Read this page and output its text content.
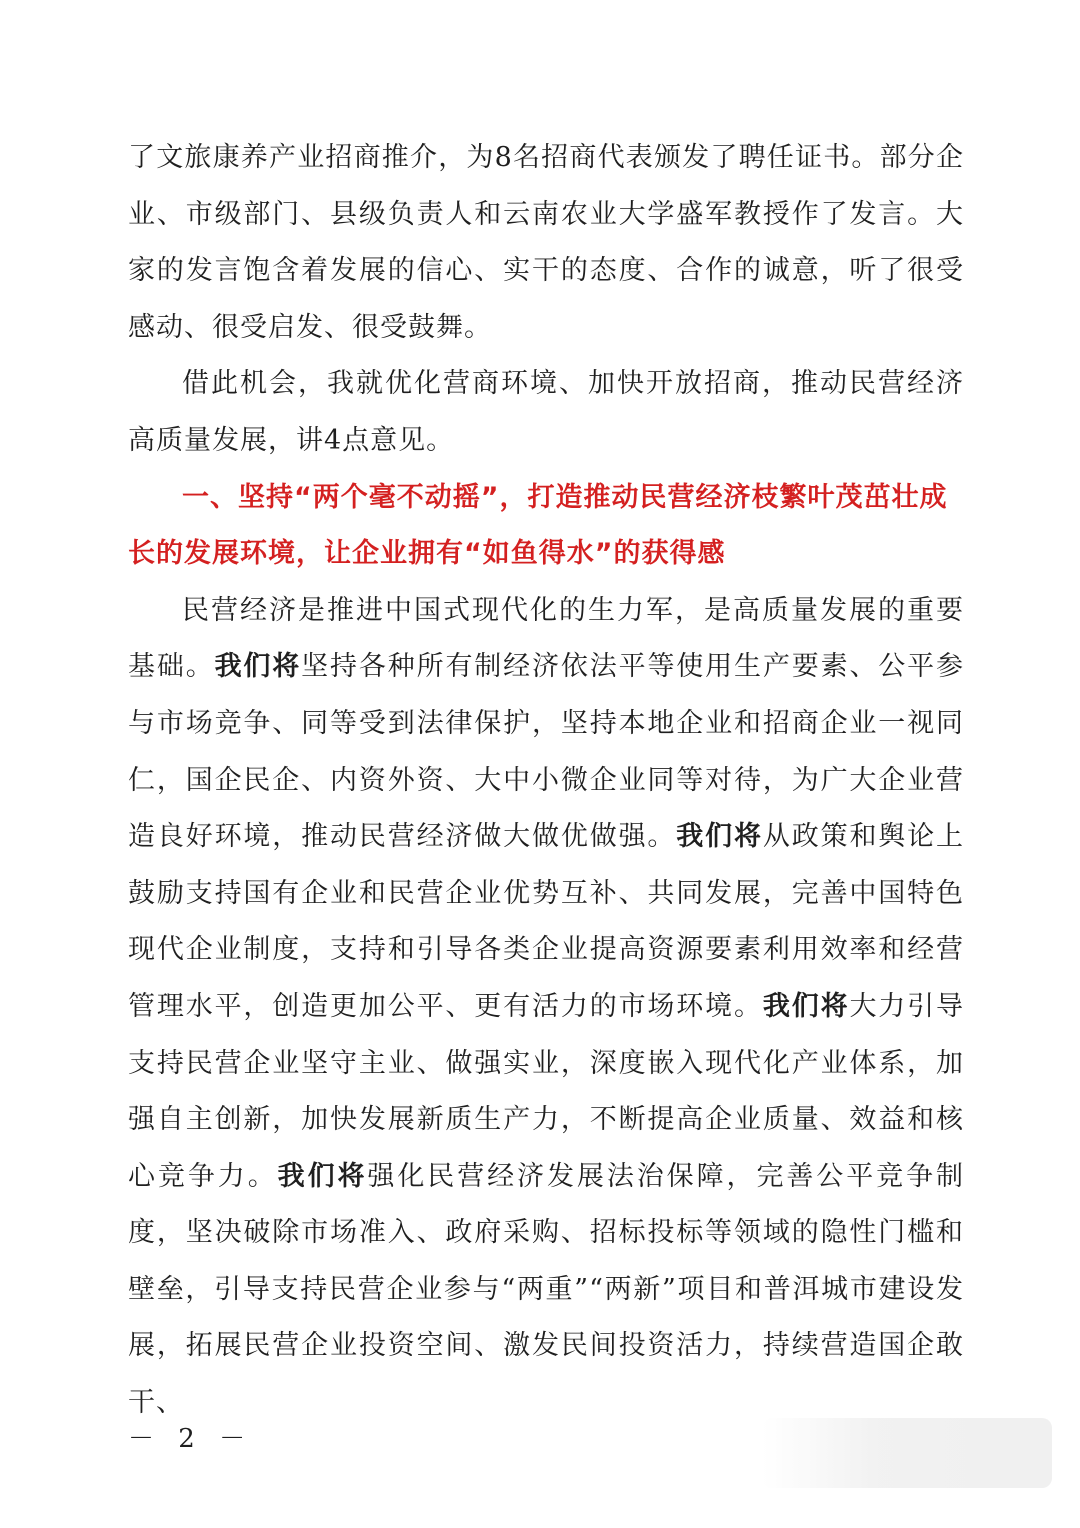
了文旅康养产业招商推介，为8名招商代表颁发了聘任证书。部分企业、市级部门、县级负责人和云南农业大学盛军教授作了发言。大家的发言饱含着发展的信心、实干的态度、合作的诚意，听了很受感动、很受启发、很受鼓舞。

借此机会，我就优化营商环境、加快开放招商，推动民营经济高质量发展，讲4点意见。

一、坚持“两个毫不动摇”，打造推动民营经济枝繁叶茂茁壮成长的发展环境，让企业拥有“如鱼得水”的获得感

民营经济是推进中国式现代化的生力军，是高质量发展的重要基础。我们将坚持各种所有制经济依法平等使用生产要素、公平参与市场竞争、同等受到法律保护，坚持本地企业和招商企业一视同仁，国企民企、内资外资、大中小微企业同等对待，为广大企业营造良好环境，推动民营经济做大做优做强。我们将从政策和舆论上鼓励支持国有企业和民营企业优势互补、共同发展，完善中国特色现代企业制度，支持和引导各类企业提高资源要素利用效率和经营管理水平，创造更加公平、更有活力的市场环境。我们将大力引导支持民营企业坚守主业、做强实业，深度嵌入现代化产业体系，加强自主创新，加快发展新质生产力，不断提高企业质量、效益和核心竞争力。我们将强化民营经济发展法治保障，完善公平竞争制度，坚决破除市场准入、政府采购、招标投标等领域的隐性门槛和壁垒，引导支持民营企业参与“两重”“两新”项目和普洱城市建设发展，拓展民营企业投资空间、激发民间投资活力，持续营造国企敢干、

－ 2 －
